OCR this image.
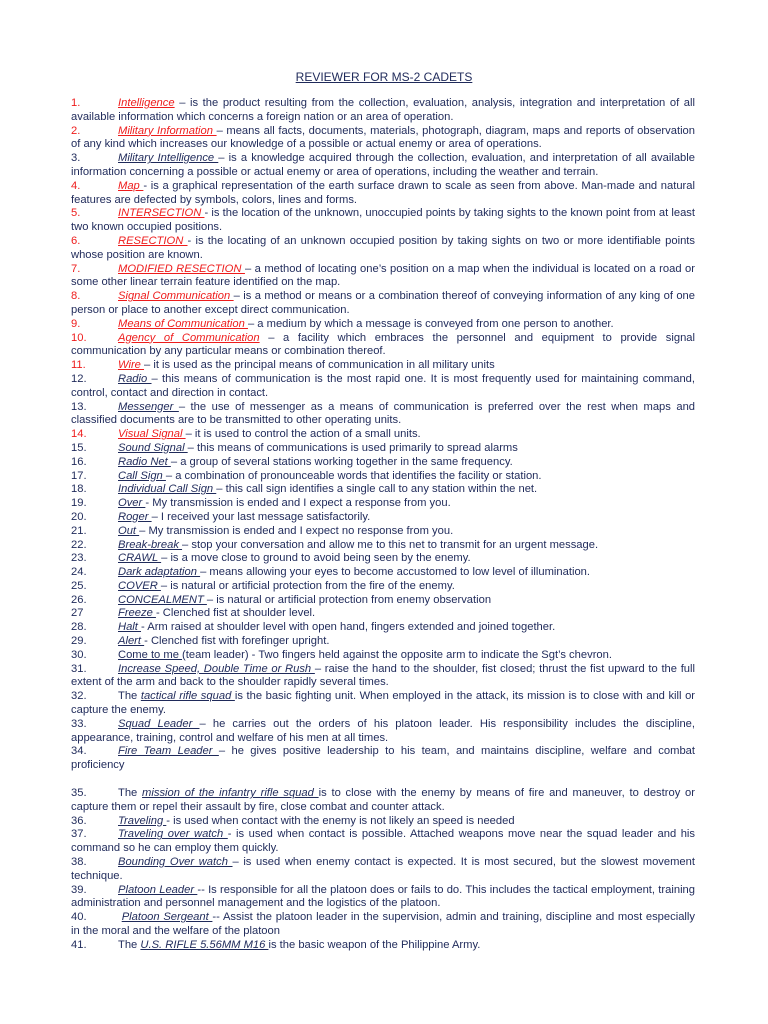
REVIEWER FOR MS-2 CADETS

1.	Intelligence – is the product resulting from the collection, evaluation, analysis, integration and interpretation of all available information which concerns a foreign nation or an area of operation.

2.	Military Information – means all facts, documents, materials, photograph, diagram, maps and reports of observation of any kind which increases our knowledge of a possible or actual enemy or area of operations.

3.	Military Intelligence – is a knowledge acquired through the collection, evaluation, and interpretation of all available information concerning a possible or actual enemy or area of operations, including the weather and terrain.

4.	Map - is a graphical representation of the earth surface drawn to scale as seen from above. Man-made and natural features are defected by symbols, colors, lines and forms.

5.	INTERSECTION - is the location of the unknown, unoccupied points by taking sights to the known point from at least two known occupied positions.

6.	RESECTION - is the locating of an unknown occupied position by taking sights on two or more identifiable points whose position are known.

7.	MODIFIED RESECTION – a method of locating one’s position on a map when the individual is located on a road or some other linear terrain feature identified on the map.

8.	Signal Communication – is a method or means or a combination thereof of conveying information of any king of one person or place to another except direct communication.

9.	Means of Communication – a medium by which a message is conveyed from one person to another.

10.	Agency of Communication – a facility which embraces the personnel and equipment to provide signal communication by any particular means or combination thereof.

11.	Wire – it is used as the principal means of communication in all military units

12.	Radio – this means of communication is the most rapid one. It is most frequently used for maintaining command, control, contact and direction in contact.

13.	Messenger – the use of messenger as a means of communication is preferred over the rest when maps and classified documents are to be transmitted to other operating units.

14.	Visual Signal – it is used to control the action of a small units.

15.	Sound Signal – this means of communications is used primarily to spread alarms

16.	Radio Net – a group of several stations working together in the same frequency.

17.	Call Sign – a combination of pronounceable words that identifies the facility or station.

18.	Individual Call Sign – this call sign identifies a single call to any station within the net.

19.	Over - My transmission is ended and I expect a response from you.

20.	Roger – I received your last message satisfactorily.

21.	Out – My transmission is ended and I expect no response from you.

22.	Break-break – stop your conversation and allow me to this net to transmit for an urgent message.

23.	CRAWL – is a move close to ground to avoid being seen by the enemy.

24.	Dark adaptation – means allowing your eyes to become accustomed to low level of illumination.

25.	COVER – is natural or artificial protection from the fire of the enemy.

26.	CONCEALMENT – is natural or artificial protection from enemy observation

27	Freeze - Clenched fist at shoulder level.

28.	Halt - Arm raised at shoulder level with open hand, fingers extended and joined together.

29.	Alert - Clenched fist with forefinger upright.

30.	Come to me (team leader) - Two fingers held against the opposite arm to indicate the Sgt’s chevron.

31.	Increase Speed, Double Time or Rush – raise the hand to the shoulder, fist closed; thrust the fist upward to the full extent of the arm and back to the shoulder rapidly several times.

32.	The tactical rifle squad is the basic fighting unit. When employed in the attack, its mission is to close with and kill or capture the enemy.

33.	Squad Leader – he carries out the orders of his platoon leader. His responsibility includes the discipline, appearance, training, control and welfare of his men at all times.

34.	Fire Team Leader – he gives positive leadership to his team, and maintains discipline, welfare and combat proficiency

35.	The mission of the infantry rifle squad is to close with the enemy by means of fire and maneuver, to destroy or capture them or repel their assault by fire, close combat and counter attack.

36.	Traveling - is used when contact with the enemy is not likely an speed is needed

37.	Traveling over watch - is used when contact is possible. Attached weapons move near the squad leader and his command so he can employ them quickly.

38.	Bounding Over watch – is used when enemy contact is expected. It is most secured, but the slowest movement technique.

39.	Platoon Leader -- Is responsible for all the platoon does or fails to do. This includes the tactical employment, training administration and personnel management and the logistics of the platoon.

40.	Platoon Sergeant -- Assist the platoon leader in the supervision, admin and training, discipline and most especially in the moral and the welfare of the platoon

41.	The U.S. RIFLE 5.56MM M16 is the basic weapon of the Philippine Army.
